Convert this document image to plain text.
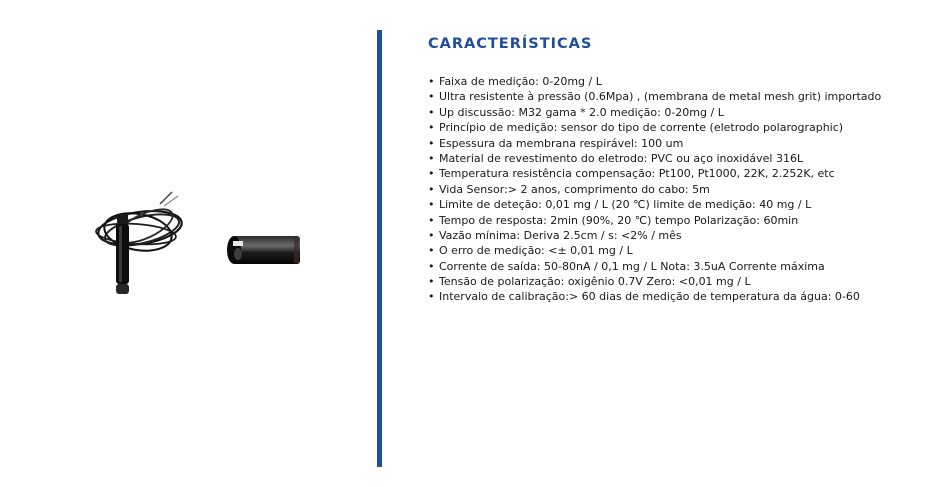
CARACTERÍSTICAS
• Faixa de medição: 0-20mg / L
• Ultra resistente à pressão (0.6Mpa) , (membrana de metal mesh grit) importado
• Up discussão: M32 gama * 2.0 medição: 0-20mg / L
• Princípio de medição: sensor do tipo de corrente (eletrodo polarographic)
• Espessura da membrana respirável: 100 um
• Material de revestimento do eletrodo: PVC ou aço inoxidável 316L
• Temperatura resistência compensação: Pt100, Pt1000, 22K, 2.252K, etc
• Vida Sensor:> 2 anos, comprimento do cabo: 5m
• Limite de deteção: 0,01 mg / L (20 ℃) limite de medição: 40 mg / L
• Tempo de resposta: 2min (90%, 20 ℃) tempo Polarização: 60min
• Vazão mínima: Deriva 2.5cm / s: <2% / mês
• O erro de medição: <± 0,01 mg / L
• Corrente de saída: 50-80nA / 0,1 mg / L Nota: 3.5uA Corrente máxima
• Tensão de polarização: oxigênio 0.7V Zero: <0,01 mg / L
• Intervalo de calibração:> 60 dias de medição de temperatura da água: 0-60
